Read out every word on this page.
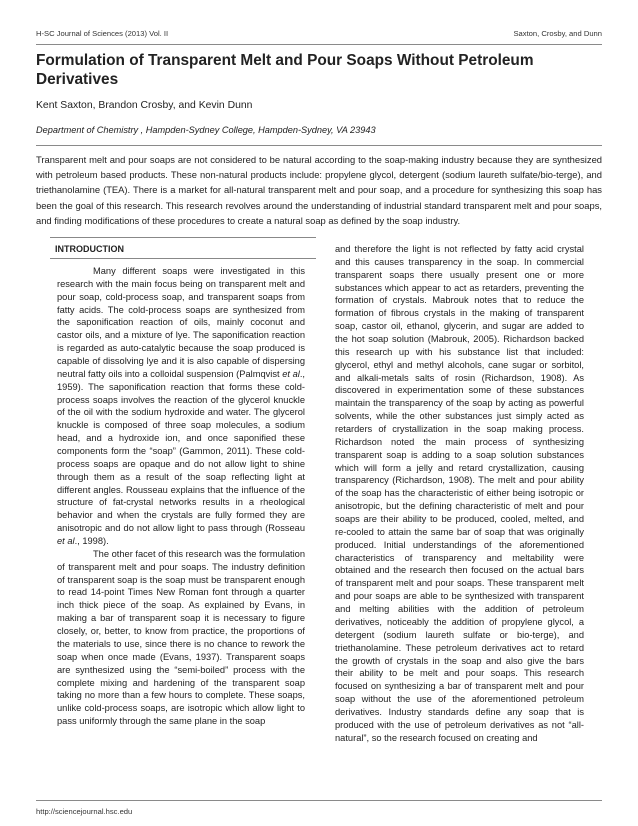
H-SC Journal of Sciences (2013) Vol. II	Saxton, Crosby, and Dunn
Formulation of Transparent Melt and Pour Soaps Without Petroleum Derivatives
Kent Saxton, Brandon Crosby, and Kevin Dunn
Department of Chemistry , Hampden-Sydney College, Hampden-Sydney, VA 23943

Transparent melt and pour soaps are not considered to be natural according to the soap-making industry because they are synthesized with petroleum based products. These non-natural products include: propylene glycol, detergent (sodium laureth sulfate/bio-terge), and triethanolamine (TEA). There is a market for all-natural transparent melt and pour soap, and a procedure for synthesizing this soap has been the goal of this research. This research revolves around the understanding of industrial standard transparent melt and pour soaps, and finding modifications of these procedures to create a natural soap as defined by the soap industry.

INTRODUCTION

Many different soaps were investigated in this research with the main focus being on transparent melt and pour soap, cold-process soap, and transparent soaps from fatty acids. The cold-process soaps are synthesized from the saponification reaction of oils, mainly coconut and castor oils, and a mixture of lye. The saponification reaction is regarded as auto-catalytic because the soap produced is capable of dissolving lye and it is also capable of dispersing neutral fatty oils into a colloidal suspension (Palmqvist et al., 1959). The saponification reaction that forms these cold-process soaps involves the reaction of the glycerol knuckle of the oil with the sodium hydroxide and water. The glycerol knuckle is composed of three soap molecules, a sodium head, and a hydroxide ion, and once saponified these components form the “soap” (Gammon, 2011). These cold-process soaps are opaque and do not allow light to shine through them as a result of the soap reflecting light at different angles. Rousseau explains that the influence of the structure of fat-crystal networks results in a rheological behavior and when the crystals are fully formed they are anisotropic and do not allow light to pass through (Rosseau et al., 1998).

The other facet of this research was the formulation of transparent melt and pour soaps. The industry definition of transparent soap is the soap must be transparent enough to read 14-point Times New Roman font through a quarter inch thick piece of the soap. As explained by Evans, in making a bar of transparent soap it is necessary to figure closely, or, better, to know from practice, the proportions of the materials to use, since there is no chance to rework the soap when once made (Evans, 1937). Transparent soaps are synthesized using the “semi-boiled” process with the complete mixing and hardening of the transparent soap taking no more than a few hours to complete. These soaps, unlike cold-process soaps, are isotropic which allow light to pass uniformly through the same plane in the soap

and therefore the light is not reflected by fatty acid crystal and this causes transparency in the soap. In commercial transparent soaps there usually present one or more substances which appear to act as retarders, preventing the formation of crystals. Mabrouk notes that to reduce the formation of fibrous crystals in the making of transparent soap, castor oil, ethanol, glycerin, and sugar are added to the hot soap solution (Mabrouk, 2005). Richardson backed this research up with his substance list that included: glycerol, ethyl and methyl alcohols, cane sugar or sorbitol, and alkali-metals salts of rosin (Richardson, 1908). As discovered in experimentation some of these substances maintain the transparency of the soap by acting as powerful solvents, while the other substances just simply acted as retarders of crystallization in the soap making process. Richardson noted the main process of synthesizing transparent soap is adding to a soap solution substances which will form a jelly and retard crystallization, causing transparency (Richardson, 1908). The melt and pour ability of the soap has the characteristic of either being isotropic or anisotropic, but the defining characteristic of melt and pour soaps are their ability to be produced, cooled, melted, and re-cooled to attain the same bar of soap that was originally produced. Initial understandings of the aforementioned characteristics of transparency and meltability were obtained and the research then focused on the actual bars of transparent melt and pour soaps. These transparent melt and pour soaps are able to be synthesized with transparent and melting abilities with the addition of petroleum derivatives, noticeably the addition of propylene glycol, a detergent (sodium laureth sulfate or bio-terge), and triethanolamine. These petroleum derivatives act to retard the growth of crystals in the soap and also give the bars their ability to be melt and pour soaps. This research focused on synthesizing a bar of transparent melt and pour soap without the use of the aforementioned petroleum derivatives. Industry standards define any soap that is produced with the use of petroleum derivatives as not “all-natural”, so the research focused on creating and

http://sciencejournal.hsc.edu
